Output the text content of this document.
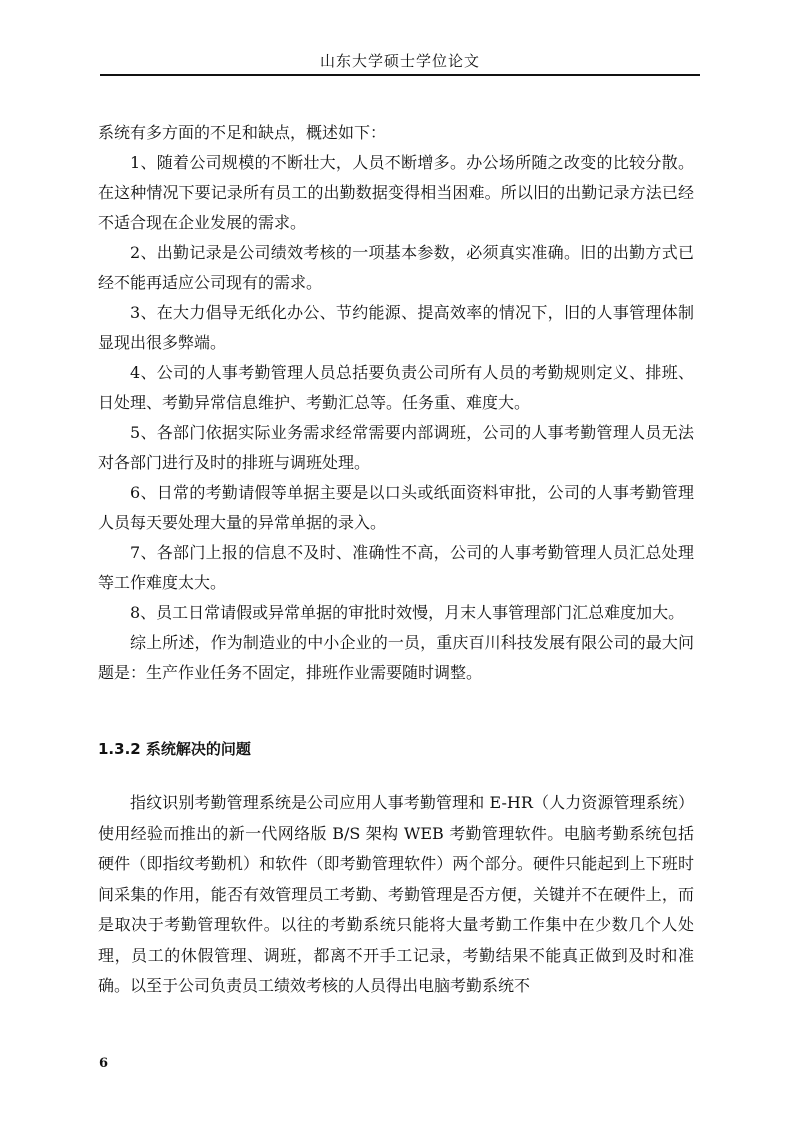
山东大学硕士学位论文

系统有多方面的不足和缺点，概述如下：

1、随着公司规模的不断壮大，人员不断增多。办公场所随之改变的比较分散。在这种情况下要记录所有员工的出勤数据变得相当困难。所以旧的出勤记录方法已经不适合现在企业发展的需求。

2、出勤记录是公司绩效考核的一项基本参数，必须真实准确。旧的出勤方式已经不能再适应公司现有的需求。

3、在大力倡导无纸化办公、节约能源、提高效率的情况下，旧的人事管理体制显现出很多弊端。

4、公司的人事考勤管理人员总括要负责公司所有人员的考勤规则定义、排班、日处理、考勤异常信息维护、考勤汇总等。任务重、难度大。

5、各部门依据实际业务需求经常需要内部调班，公司的人事考勤管理人员无法对各部门进行及时的排班与调班处理。

6、日常的考勤请假等单据主要是以口头或纸面资料审批，公司的人事考勤管理人员每天要处理大量的异常单据的录入。

7、各部门上报的信息不及时、准确性不高，公司的人事考勤管理人员汇总处理等工作难度太大。

8、员工日常请假或异常单据的审批时效慢，月末人事管理部门汇总难度加大。

综上所述，作为制造业的中小企业的一员，重庆百川科技发展有限公司的最大问题是：生产作业任务不固定，排班作业需要随时调整。

1.3.2 系统解决的问题

指纹识别考勤管理系统是公司应用人事考勤管理和 E-HR（人力资源管理系统）使用经验而推出的新一代网络版 B/S 架构 WEB 考勤管理软件。电脑考勤系统包括硬件（即指纹考勤机）和软件（即考勤管理软件）两个部分。硬件只能起到上下班时间采集的作用，能否有效管理员工考勤、考勤管理是否方便，关键并不在硬件上，而是取决于考勤管理软件。以往的考勤系统只能将大量考勤工作集中在少数几个人处理，员工的休假管理、调班，都离不开手工记录，考勤结果不能真正做到及时和准确。以至于公司负责员工绩效考核的人员得出电脑考勤系统不

6
